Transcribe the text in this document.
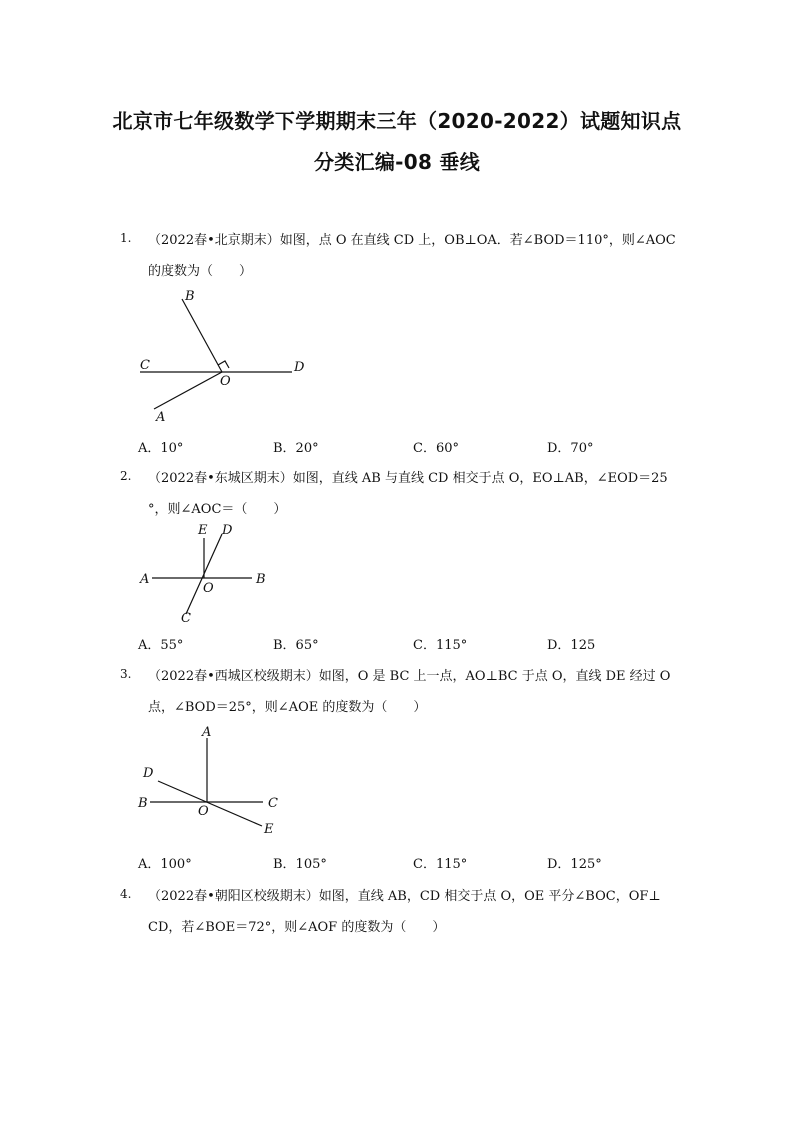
北京市七年级数学下学期期末三年（2020-2022）试题知识点
分类汇编-08 垂线
1. （2022春•北京期末）如图，点 O 在直线 CD 上，OB⊥OA．若∠BOD＝110°，则∠AOC
的度数为（　　）
B
C	D
O
A
A．10°	B．20°	C．60°	D．70°
2. （2022春•东城区期末）如图，直线 AB 与直线 CD 相交于点 O，EO⊥AB，∠EOD＝25
°，则∠AOC＝（　　）
E D
A	B
O
C
A．55°	B．65°	C．115°	D．125
3. （2022春•西城区校级期末）如图，O 是 BC 上一点，AO⊥BC 于点 O，直线 DE 经过 O
点，∠BOD＝25°，则∠AOE 的度数为（　　）
A
D
B	C
O
E
A．100°	B．105°	C．115°	D．125°
4. （2022春•朝阳区校级期末）如图，直线 AB，CD 相交于点 O，OE 平分∠BOC，OF⊥
CD，若∠BOE＝72°，则∠AOF 的度数为（　　）
